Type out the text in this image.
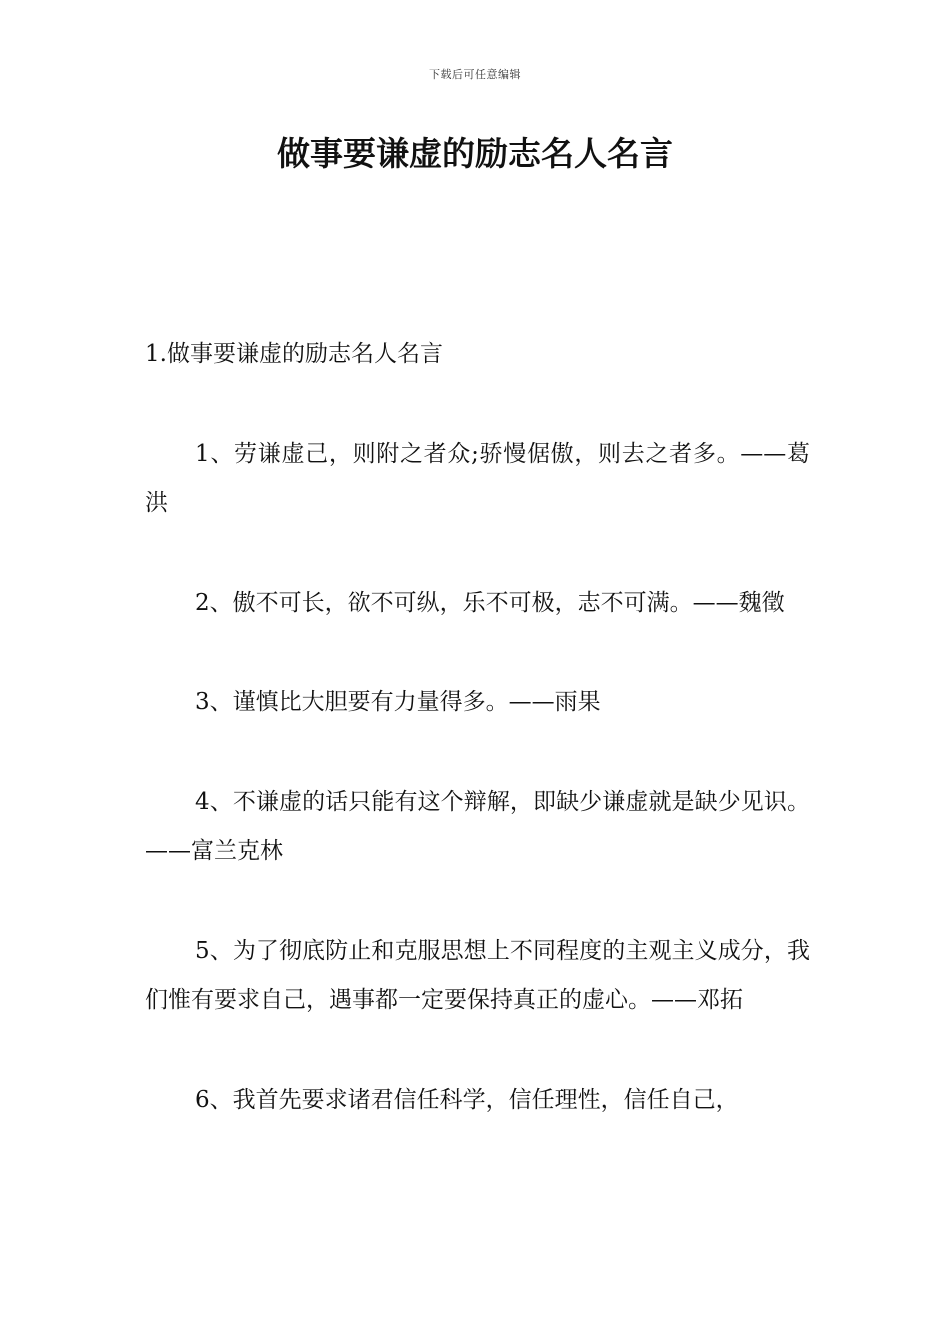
下载后可任意编辑
做事要谦虚的励志名人名言

1.做事要谦虚的励志名人名言

1、劳谦虚己，则附之者众;骄慢倨傲，则去之者多。——葛洪

2、傲不可长，欲不可纵，乐不可极，志不可满。——魏徵

3、谨慎比大胆要有力量得多。——雨果

4、不谦虚的话只能有这个辩解，即缺少谦虚就是缺少见识。——富兰克林

5、为了彻底防止和克服思想上不同程度的主观主义成分，我们惟有要求自己，遇事都一定要保持真正的虚心。——邓拓

6、我首先要求诸君信任科学，信任理性，信任自己，
